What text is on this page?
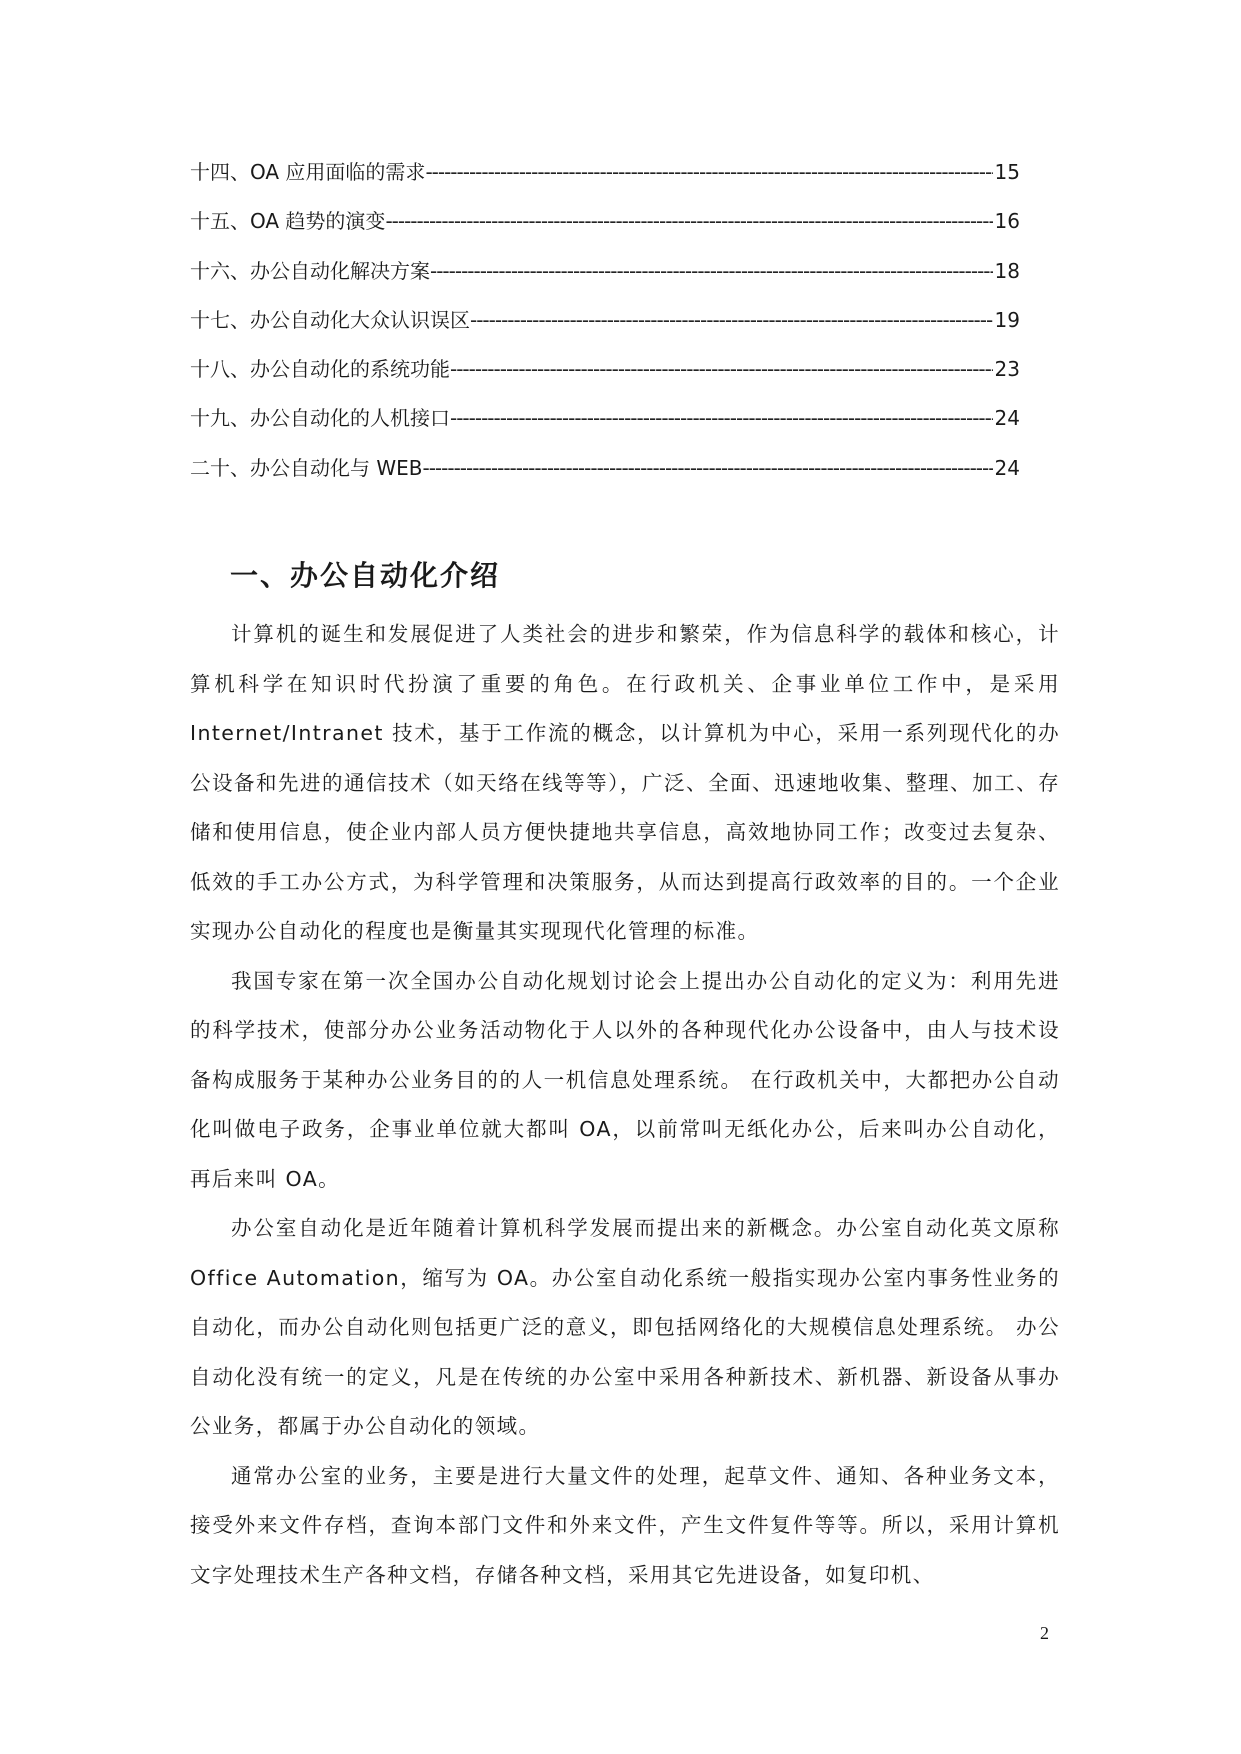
十四、OA 应用面临的需求 -----	15
十五、OA 趋势的演变 -----	16
十六、办公自动化解决方案 -----	18
十七、办公自动化大众认识误区 -----	19
十八、办公自动化的系统功能 -----	23
十九、办公自动化的人机接口 -----	24
二十、办公自动化与 WEB -----	24
一、办公自动化介绍

计算机的诞生和发展促进了人类社会的进步和繁荣，作为信息科学的载体和核心，计算机科学在知识时代扮演了重要的角色。在行政机关、企事业单位工作中，是采用 Internet/Intranet 技术，基于工作流的概念，以计算机为中心，采用一系列现代化的办公设备和先进的通信技术（如天络在线等等），广泛、全面、迅速地收集、整理、加工、存储和使用信息，使企业内部人员方便快捷地共享信息，高效地协同工作；改变过去复杂、低效的手工办公方式，为科学管理和决策服务，从而达到提高行政效率的目的。一个企业实现办公自动化的程度也是衡量其实现现代化管理的标准。

我国专家在第一次全国办公自动化规划讨论会上提出办公自动化的定义为：利用先进的科学技术，使部分办公业务活动物化于人以外的各种现代化办公设备中，由人与技术设备构成服务于某种办公业务目的的人一机信息处理系统。 在行政机关中，大都把办公自动化叫做电子政务，企事业单位就大都叫 OA，以前常叫无纸化办公，后来叫办公自动化，再后来叫 OA。

办公室自动化是近年随着计算机科学发展而提出来的新概念。办公室自动化英文原称 Office Automation，缩写为 OA。办公室自动化系统一般指实现办公室内事务性业务的自动化，而办公自动化则包括更广泛的意义，即包括网络化的大规模信息处理系统。 办公自动化没有统一的定义，凡是在传统的办公室中采用各种新技术、新机器、新设备从事办公业务，都属于办公自动化的领域。

通常办公室的业务，主要是进行大量文件的处理，起草文件、通知、各种业务文本，接受外来文件存档，查询本部门文件和外来文件，产生文件复件等等。所以，采用计算机文字处理技术生产各种文档，存储各种文档，采用其它先进设备，如复印机、

2
